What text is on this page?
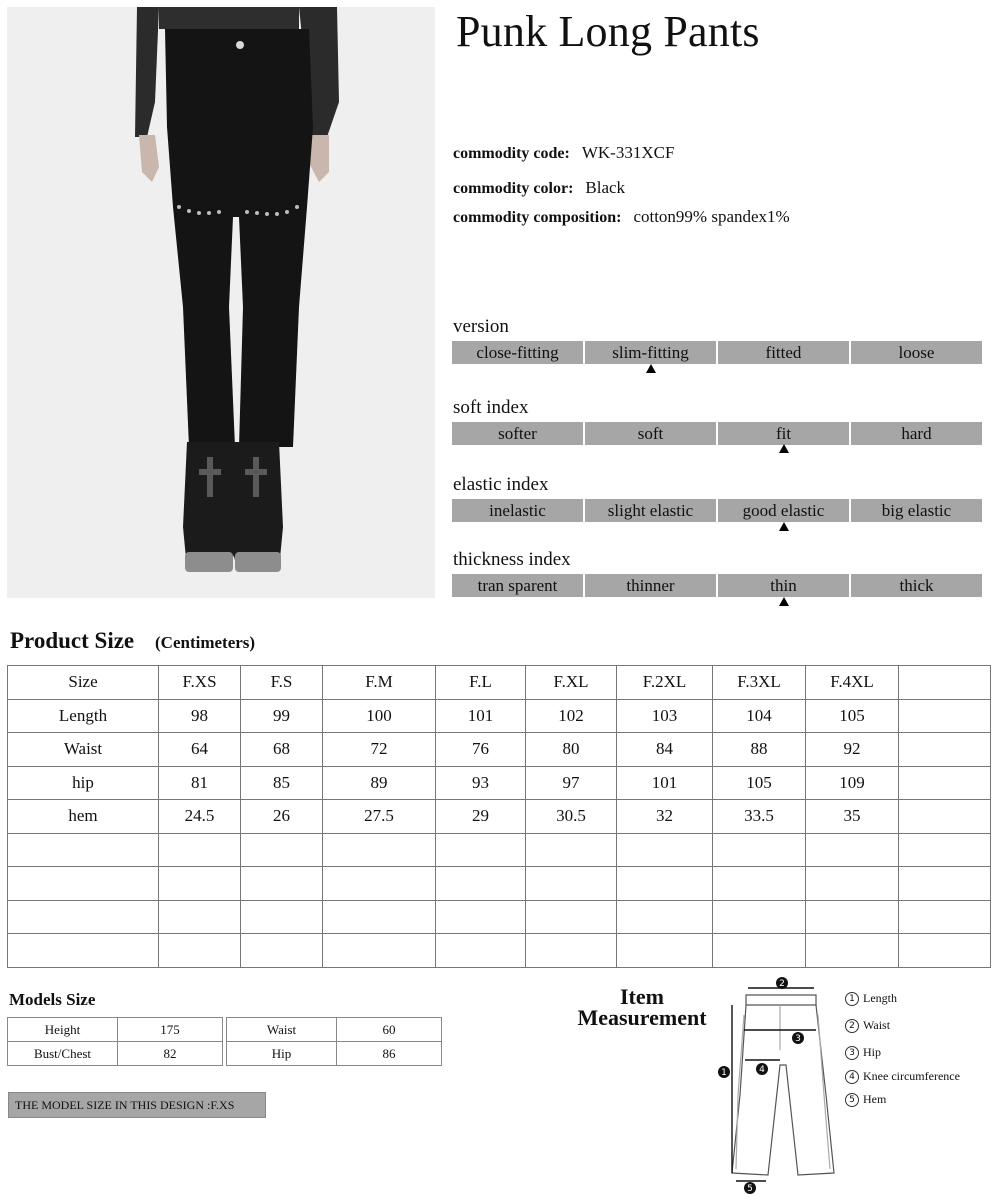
Punk Long Pants
commodity code: WK-331XCF
commodity color: Black
commodity composition: cotton99% spandex1%
version
close-fitting	slim-fitting	fitted	loose
soft index
softer	soft	fit	hard
elastic index
inelastic	slight elastic	good elastic	big elastic
thickness index
tran sparent	thinner	thin	thick
Product Size (Centimeters)
Size	F.XS	F.S	F.M	F.L	F.XL	F.2XL	F.3XL	F.4XL	
Length	98	99	100	101	102	103	104	105	
Waist	64	68	72	76	80	84	88	92	
hip	81	85	89	93	97	101	105	109	
hem	24.5	26	27.5	29	30.5	32	33.5	35	

Models Size
Height	175
Bust/Chest	82
Waist	60
Hip	86
THE MODEL SIZE IN THIS DESIGN :F.XS
Item
Measurement
2
3
4
1
5
1 Length
2 Waist
3 Hip
4 Knee circumference
5 Hem
